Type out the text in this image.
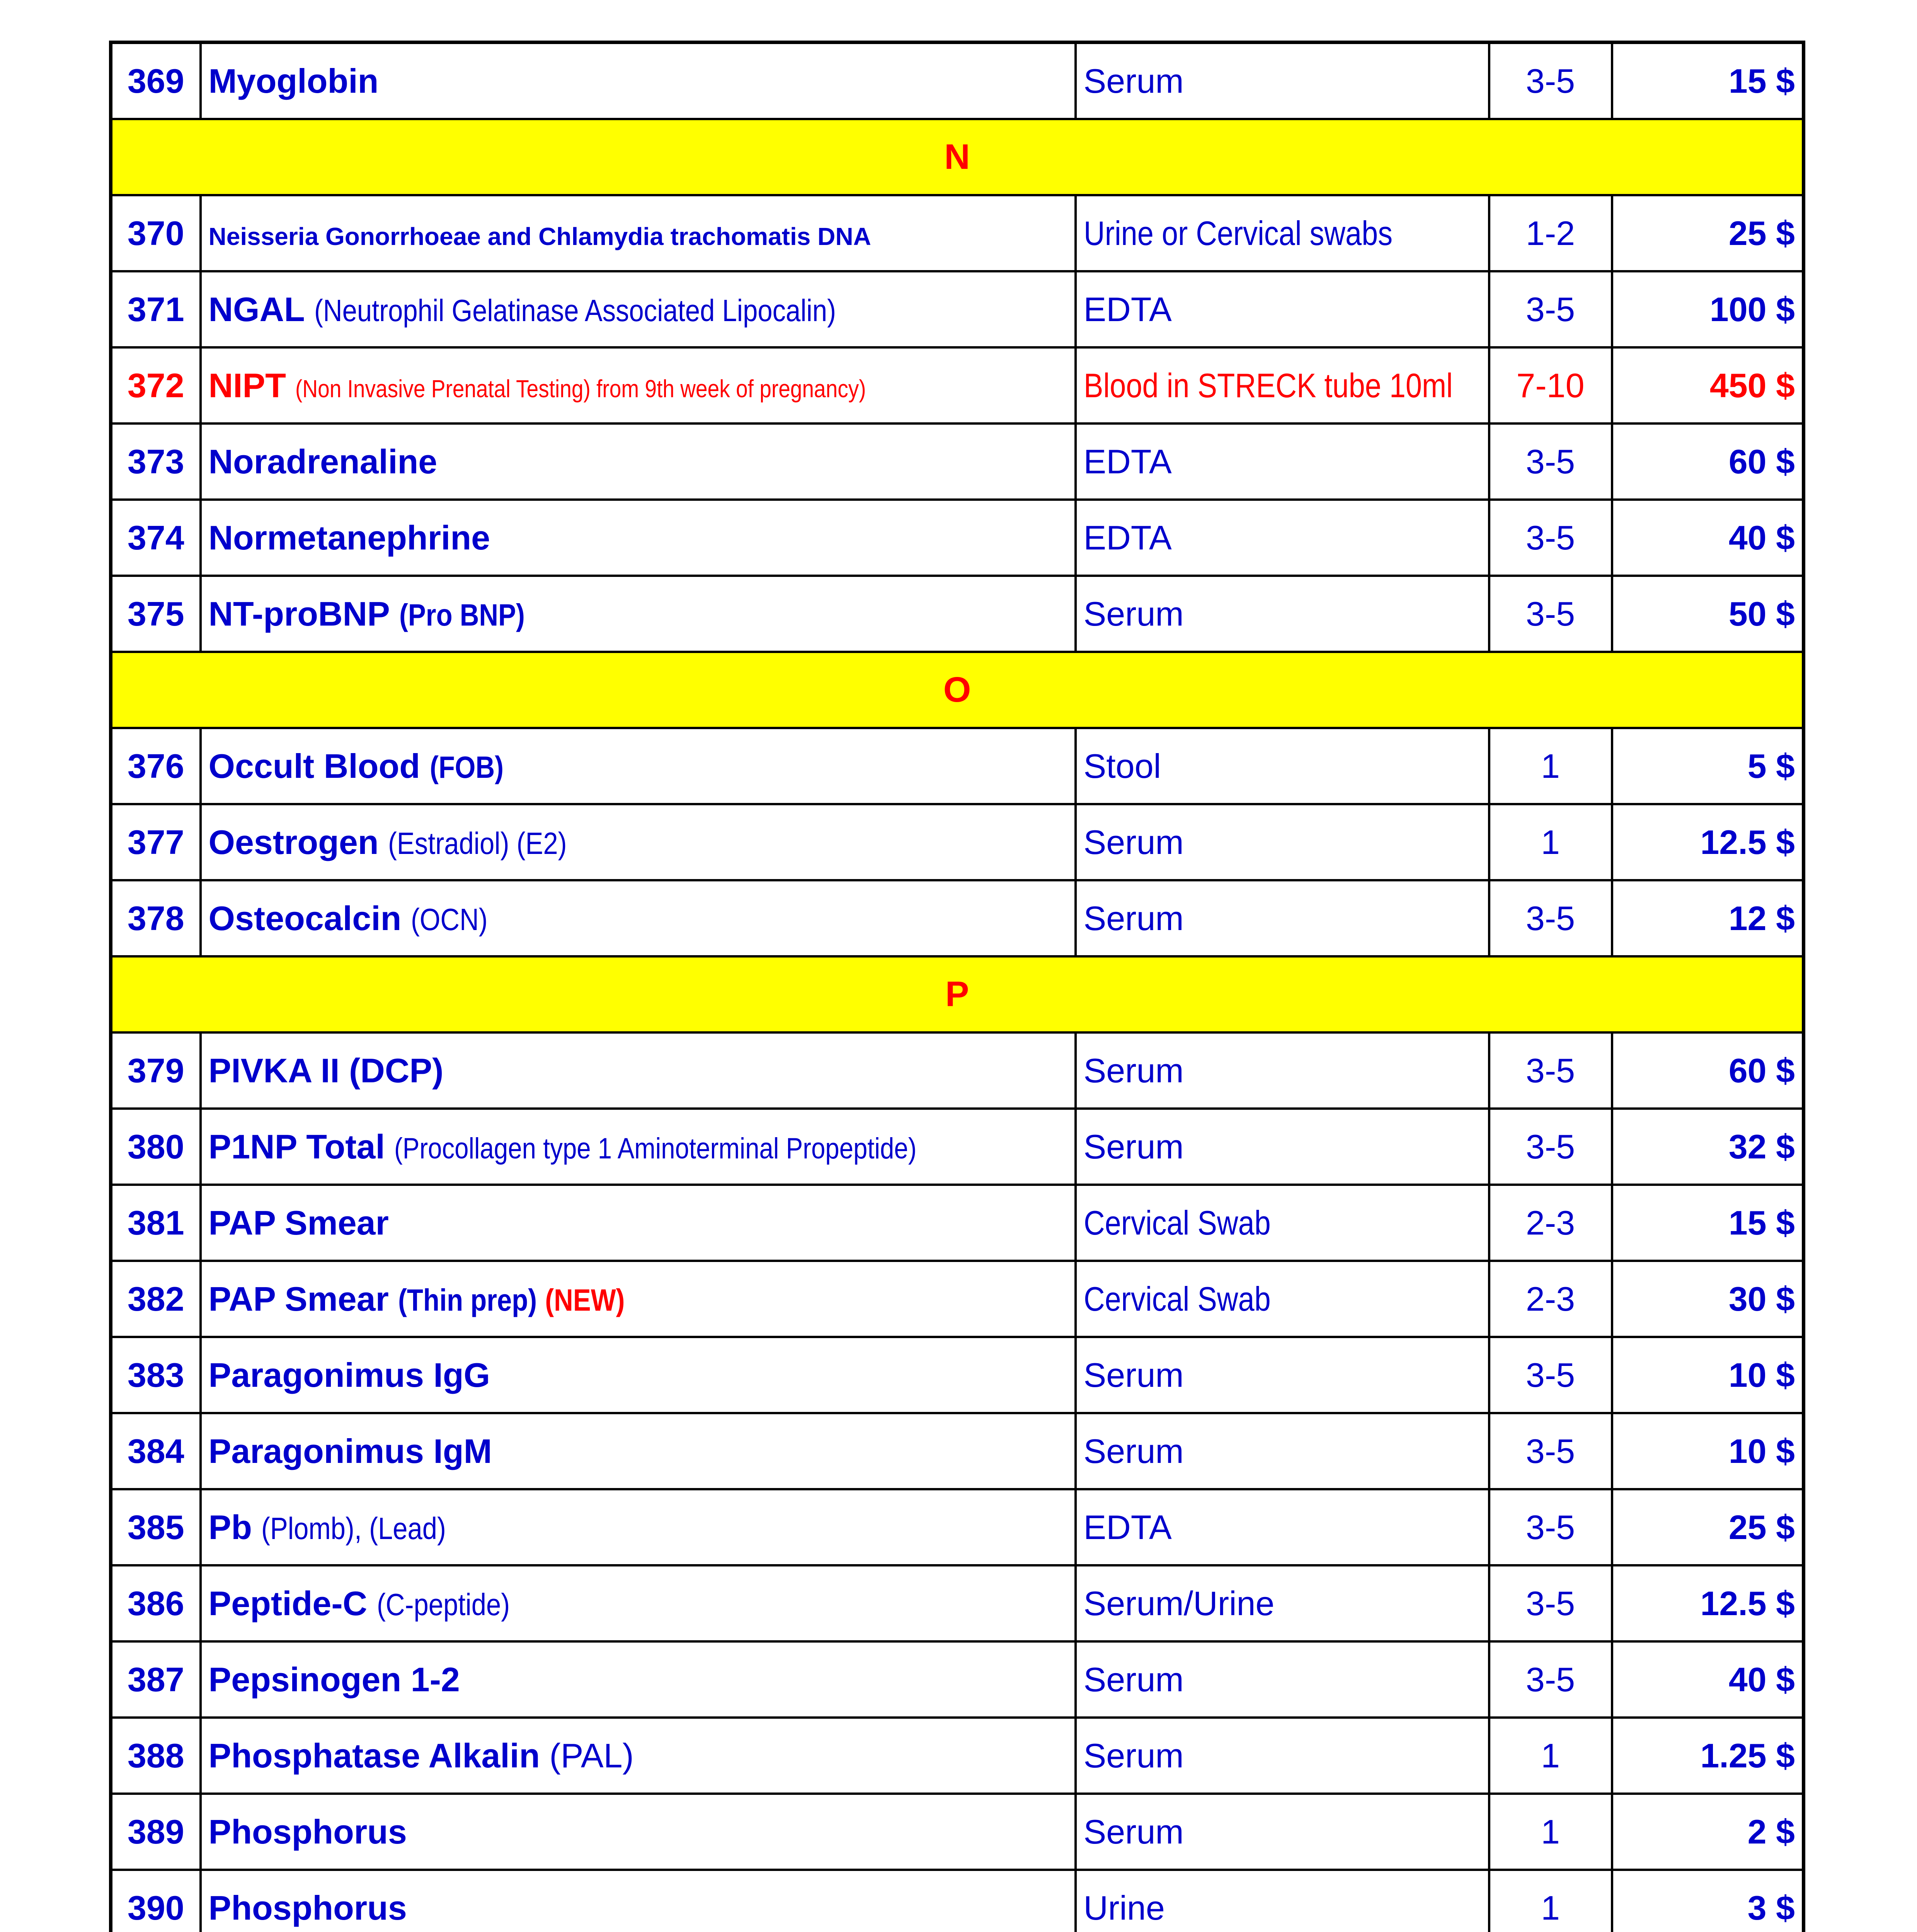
369	Myoglobin	Serum	3-5	15 $
N				
370	Neisseria Gonorrhoeae and Chlamydia trachomatis DNA	Urine or Cervical swabs	1-2	25 $
371	NGAL (Neutrophil Gelatinase Associated Lipocalin)	EDTA	3-5	100 $
372	NIPT (Non Invasive Prenatal Testing) from 9th week of pregnancy)	Blood in STRECK tube 10ml	7-10	450 $
373	Noradrenaline	EDTA	3-5	60 $
374	Normetanephrine	EDTA	3-5	40 $
375	NT-proBNP (Pro BNP)	Serum	3-5	50 $
O				
376	Occult Blood (FOB)	Stool	1	5 $
377	Oestrogen (Estradiol) (E2)	Serum	1	12.5 $
378	Osteocalcin (OCN)	Serum	3-5	12 $
P				
379	PIVKA II (DCP)	Serum	3-5	60 $
380	P1NP Total (Procollagen type 1 Aminoterminal Propeptide)	Serum	3-5	32 $
381	PAP Smear	Cervical Swab	2-3	15 $
382	PAP Smear (Thin prep) (NEW)	Cervical Swab	2-3	30 $
383	Paragonimus IgG	Serum	3-5	10 $
384	Paragonimus IgM	Serum	3-5	10 $
385	Pb (Plomb), (Lead)	EDTA	3-5	25 $
386	Peptide-C (C-peptide)	Serum/Urine	3-5	12.5 $
387	Pepsinogen 1-2	Serum	3-5	40 $
388	Phosphatase Alkalin (PAL)	Serum	1	1.25 $
389	Phosphorus	Serum	1	2 $
390	Phosphorus	Urine	1	3 $
